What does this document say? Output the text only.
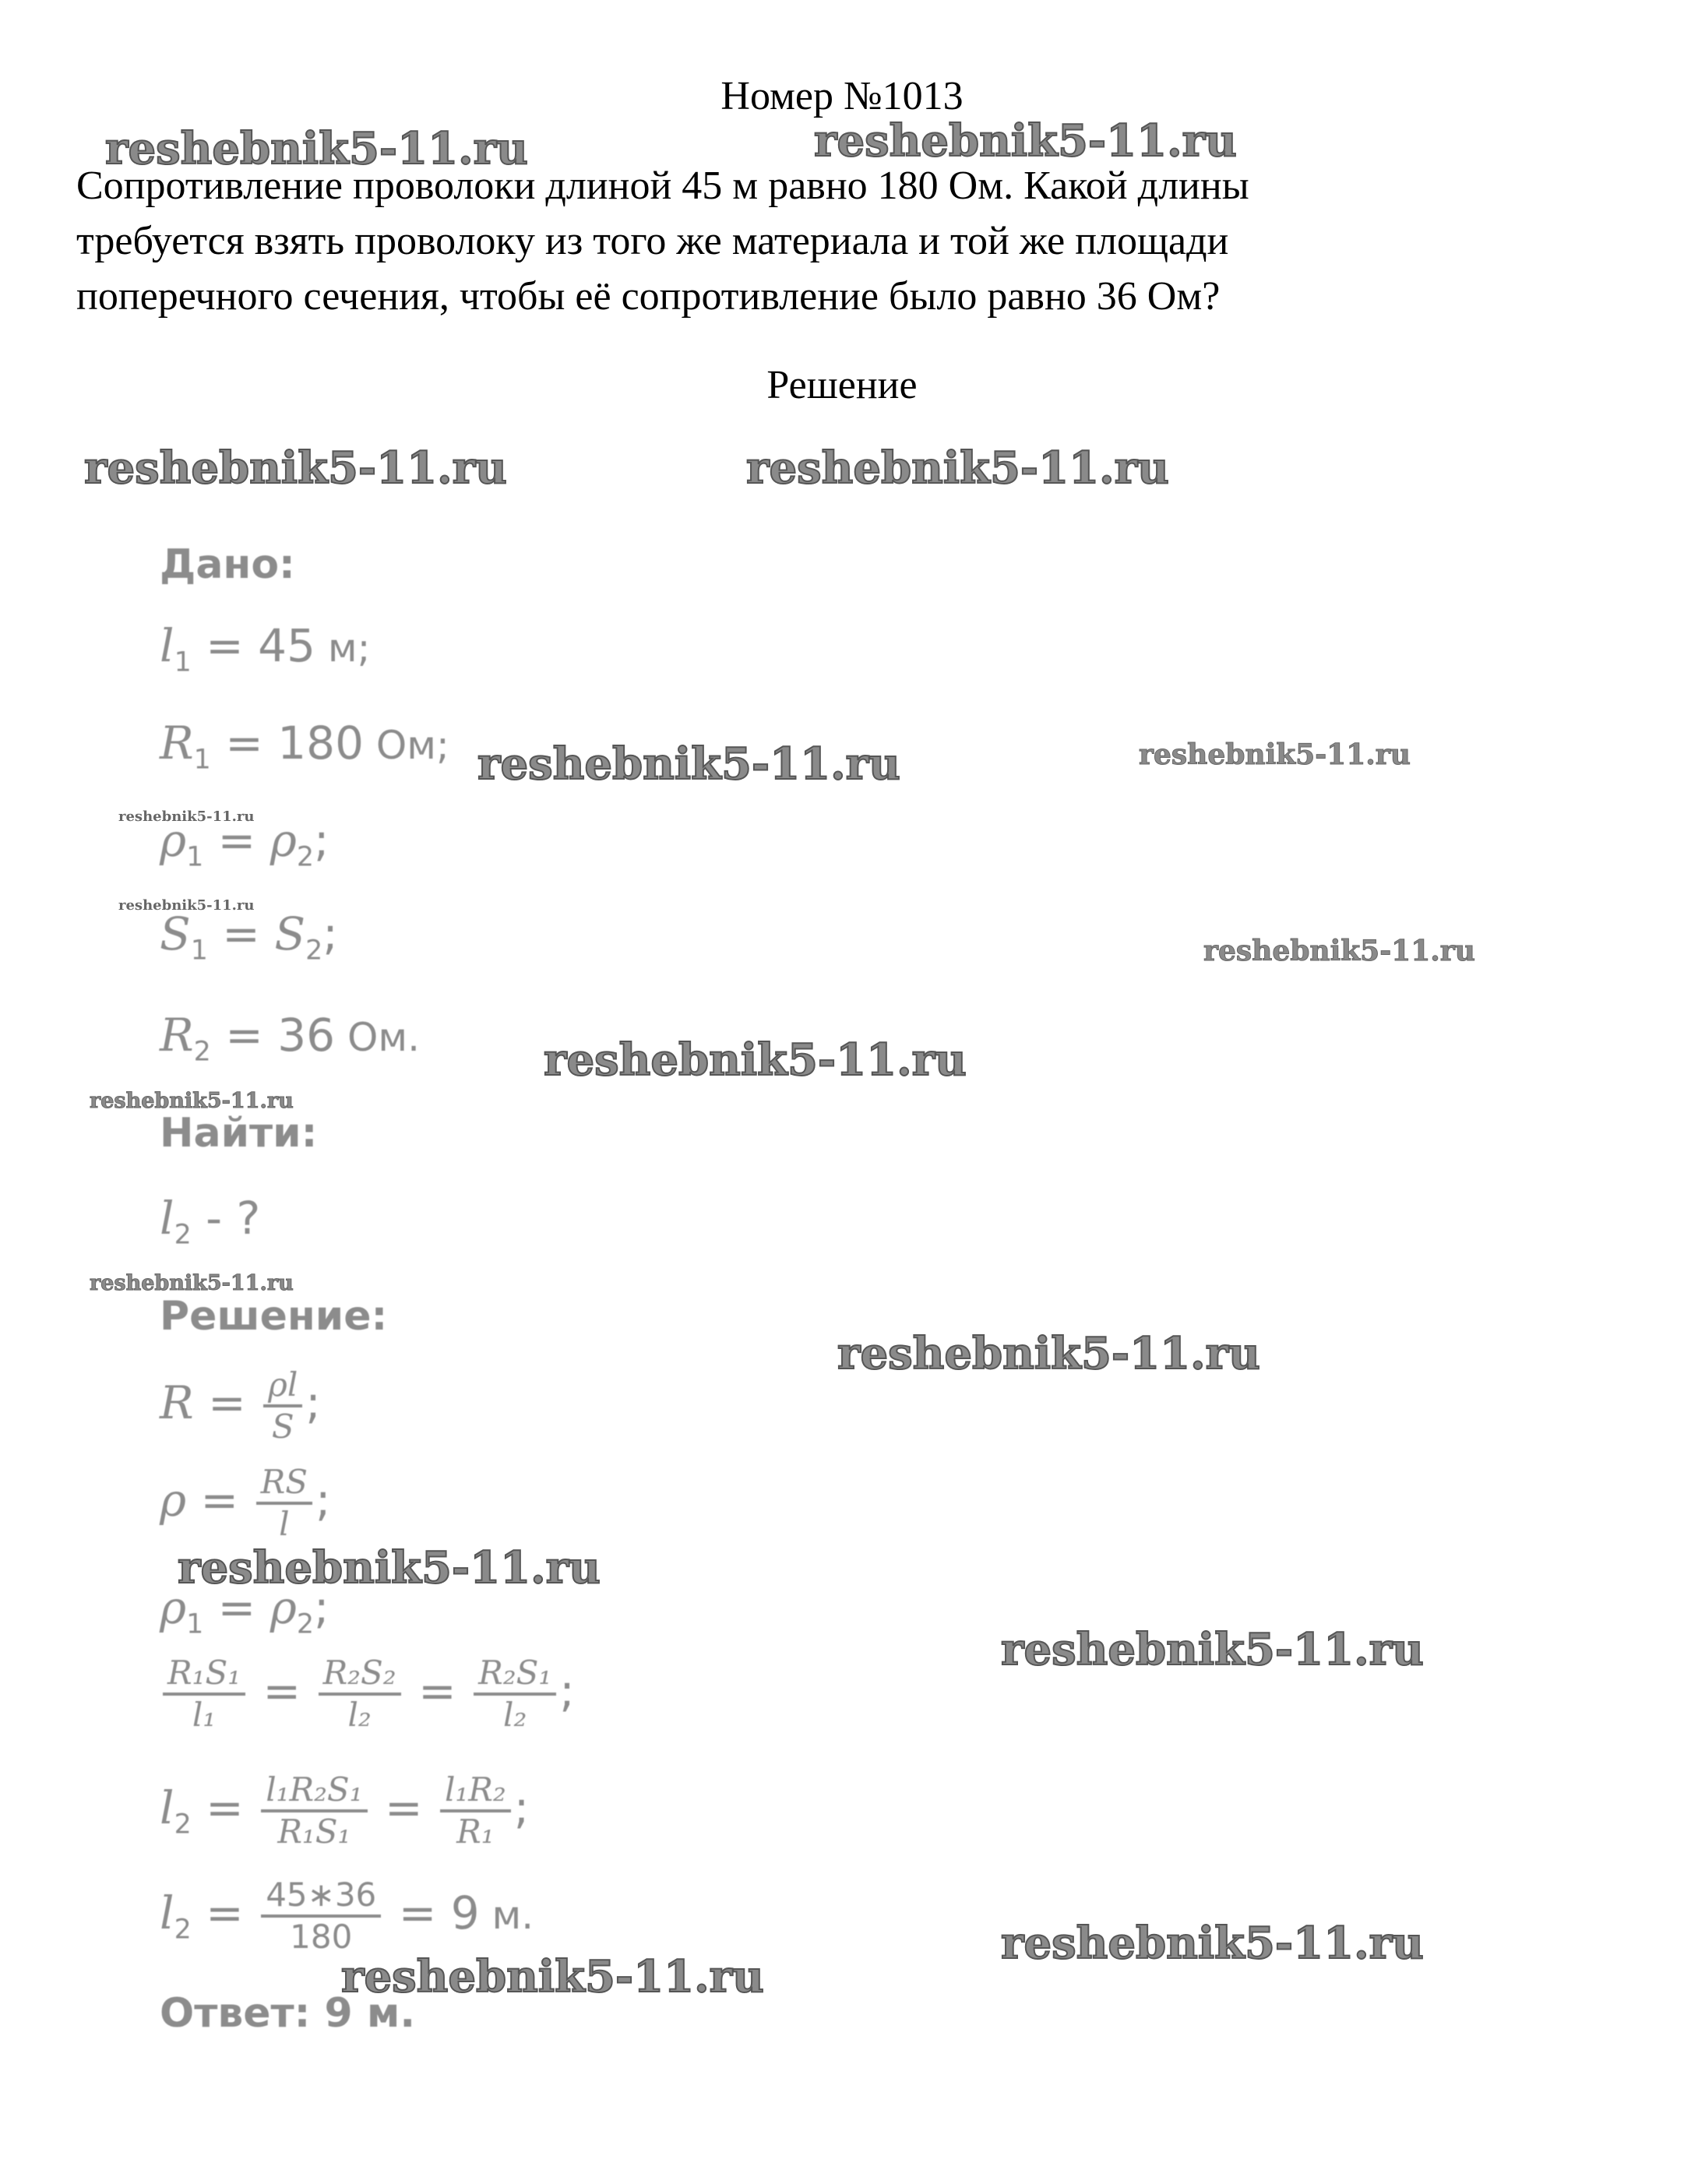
Номер №1013
Сопротивление проволоки длиной 45 м равно 180 Ом. Какой длины
требуется взять проволоку из того же материала и той же площади
поперечного сечения, чтобы её сопротивление было равно 36 Ом?
Решение
Дано:
$l_1 = 45$ м;
$R_1 = 180$ Ом;
$\rho_1 = \rho_2$;
$S_1 = S_2$;
$R_2 = 36$ Ом.
Найти:
$l_2$ - ?
Решение:
$R = \frac{\rho l}{S}$ ;
$\rho = \frac{RS}{l}$ ;
$\rho_1 = \rho_2$;
$\frac{\text{R₁S₁}}{\text{l₁}} = \frac{\text{R₂S₂}}{\text{l₂}} = \frac{\text{R₂S₁}}{\text{l₂}}$ ;
$l_2 = \frac{\text{l₁R₂S₁}}{\text{R₁S₁}} = \frac{\text{l₁R₂}}{\text{R₁}}$ ;
$l_2 = \frac{45∗36}{180} = 9$ м.
Ответ: 9 м.
reshebnik5-11.ru	reshebnik5-11.ru
reshebnik5-11.ru	reshebnik5-11.ru
reshebnik5-11.ru	reshebnik5-11.ru
reshebnik5-11.ru
reshebnik5-11.ru
reshebnik5-11.ru
reshebnik5-11.ru
reshebnik5-11.ru
reshebnik5-11.ru
reshebnik5-11.ru
reshebnik5-11.ru
reshebnik5-11.ru
reshebnik5-11.ru
reshebnik5-11.ru
